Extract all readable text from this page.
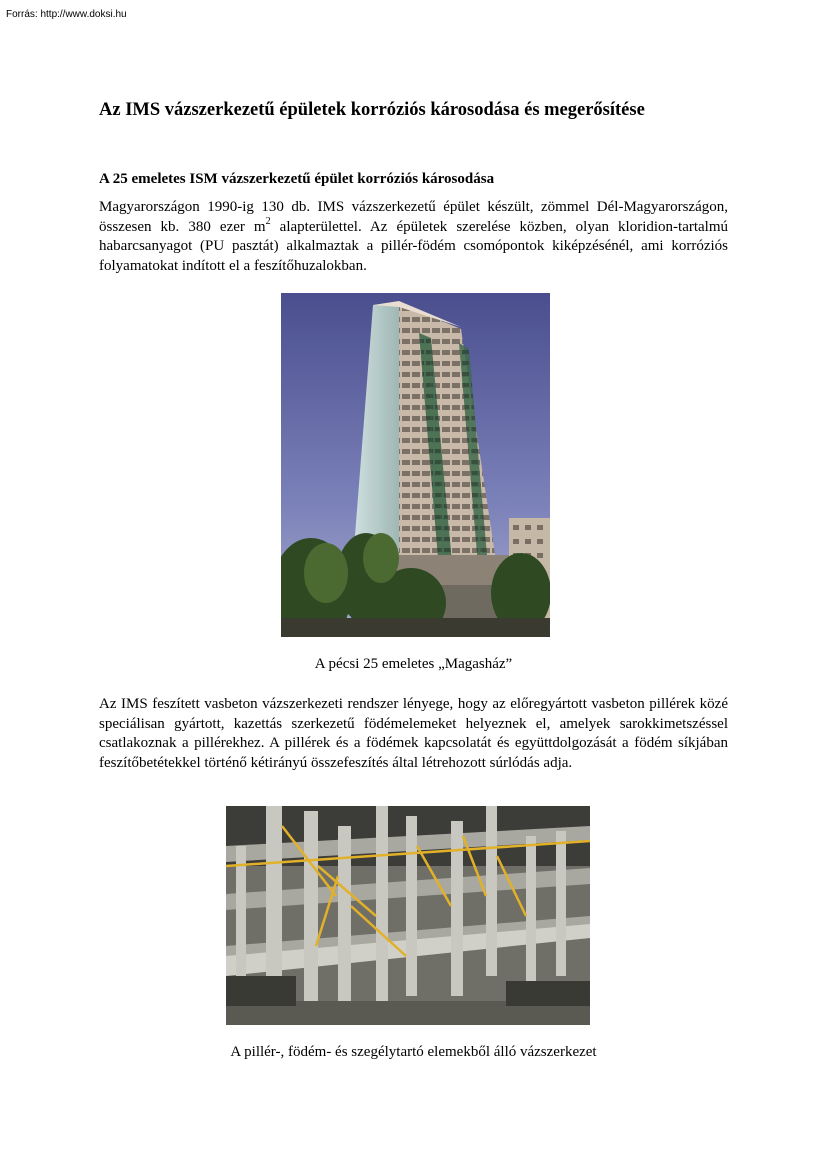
Forrás: http://www.doksi.hu
Az IMS vázszerkezetű épületek korróziós károsodása és megerősítése
A 25 emeletes ISM vázszerkezetű épület korróziós károsodása

Magyarországon 1990-ig 130 db. IMS vázszerkezetű épület készült, zömmel Dél-Magyarországon, összesen kb. 380 ezer $m^2$ alapterülettel. Az épületek szerelése közben, olyan kloridion-tartalmú habarcsanyagot (PU pasztát) alkalmaztak a pillér-födém csomópontok kiképzésénél, ami korróziós folyamatokat indított el a feszítőhuzalokban.

A pécsi 25 emeletes „Magasház”

Az IMS feszített vasbeton vázszerkezeti rendszer lényege, hogy az előregyártott vasbeton pillérek közé speciálisan gyártott, kazettás szerkezetű födémelemeket helyeznek el, amelyek sarokkimetszéssel csatlakoznak a pillérekhez. A pillérek és a födémek kapcsolatát és együttdolgozását a födém síkjában feszítőbetétekkel történő kétirányú összefeszítés által létrehozott súrlódás adja.

A pillér-, födém- és szegélytartó elemekből álló vázszerkezet
